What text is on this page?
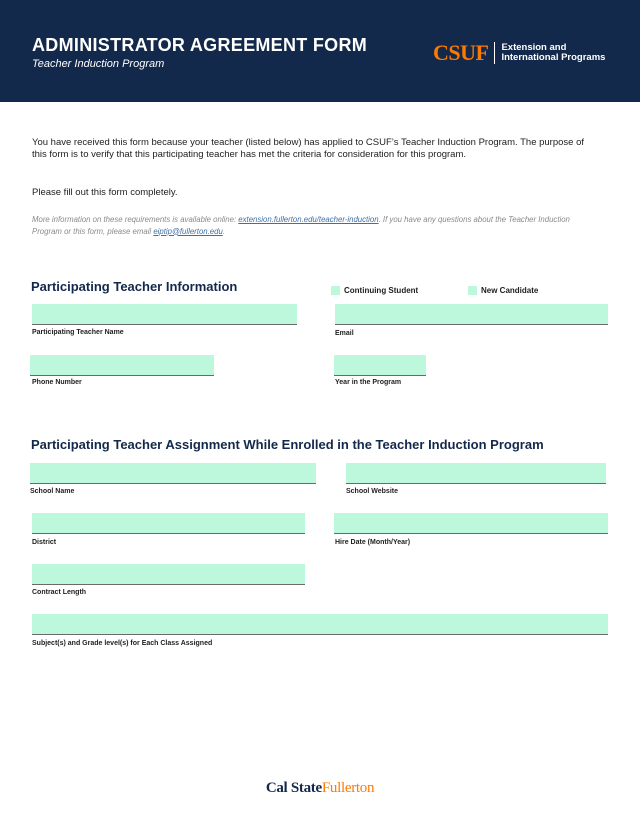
ADMINISTRATOR AGREEMENT FORM
Teacher Induction Program	CSUF Extension and
International Programs
You have received this form because your teacher (listed below) has applied to CSUF’s Teacher Induction Program. The purpose of this form is to verify that this participating teacher has met the criteria for consideration for this program.
Please fill out this form completely.
More information on these requirements is available online: extension.fullerton.edu/teacher-induction. If you have any questions about the Teacher Induction Program or this form, please email eiptip@fullerton.edu.
Participating Teacher Information	Continuing Student	New Candidate
Participating Teacher Name	Email
Phone Number	Year in the Program
Participating Teacher Assignment While Enrolled in the Teacher Induction Program
School Name	School Website
District	Hire Date (Month/Year)
Contract Length
Subject(s) and Grade level(s) for Each Class Assigned
Cal StateFullerton
